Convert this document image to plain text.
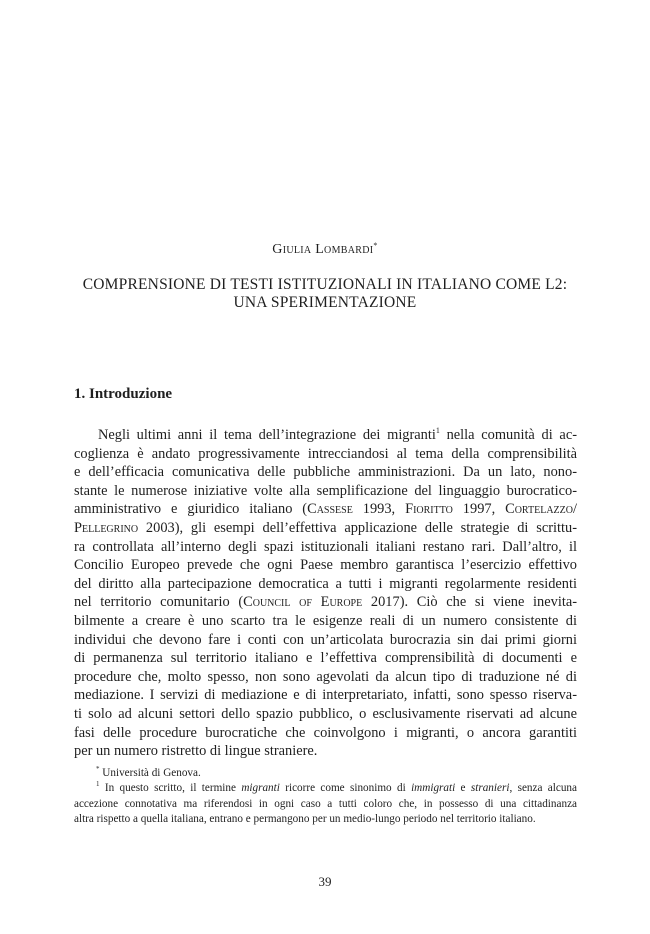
Giulia Lombardi*
COMPRENSIONE DI TESTI ISTITUZIONALI IN ITALIANO COME L2:
UNA SPERIMENTAZIONE
1. Introduzione
Negli ultimi anni il tema dell’integrazione dei migranti$^1$ nella comunità di ac-
coglienza è andato progressivamente intrecciandosi al tema della comprensibilità
e dell’efficacia comunicativa delle pubbliche amministrazioni. Da un lato, nono-
stante le numerose iniziative volte alla semplificazione del linguaggio burocratico-
amministrativo e giuridico italiano (Cassese 1993, Fioritto 1997, Cortelazzo/
Pellegrino 2003), gli esempi dell’effettiva applicazione delle strategie di scrittu-
ra controllata all’interno degli spazi istituzionali italiani restano rari. Dall’altro, il
Concilio Europeo prevede che ogni Paese membro garantisca l’esercizio effettivo
del diritto alla partecipazione democratica a tutti i migranti regolarmente residenti
nel territorio comunitario (Council of Europe 2017). Ciò che si viene inevita-
bilmente a creare è uno scarto tra le esigenze reali di un numero consistente di
individui che devono fare i conti con un’articolata burocrazia sin dai primi giorni
di permanenza sul territorio italiano e l’effettiva comprensibilità di documenti e
procedure che, molto spesso, non sono agevolati da alcun tipo di traduzione né di
mediazione. I servizi di mediazione e di interpretariato, infatti, sono spesso riserva-
ti solo ad alcuni settori dello spazio pubblico, o esclusivamente riservati ad alcune
fasi delle procedure burocratiche che coinvolgono i migranti, o ancora garantiti
per un numero ristretto di lingue straniere.
* Università di Genova.
$^1$ In questo scritto, il termine migranti ricorre come sinonimo di immigrati e stranieri, senza alcuna
accezione connotativa ma riferendosi in ogni caso a tutti coloro che, in possesso di una cittadinanza
altra rispetto a quella italiana, entrano e permangono per un medio-lungo periodo nel territorio italiano.
39
